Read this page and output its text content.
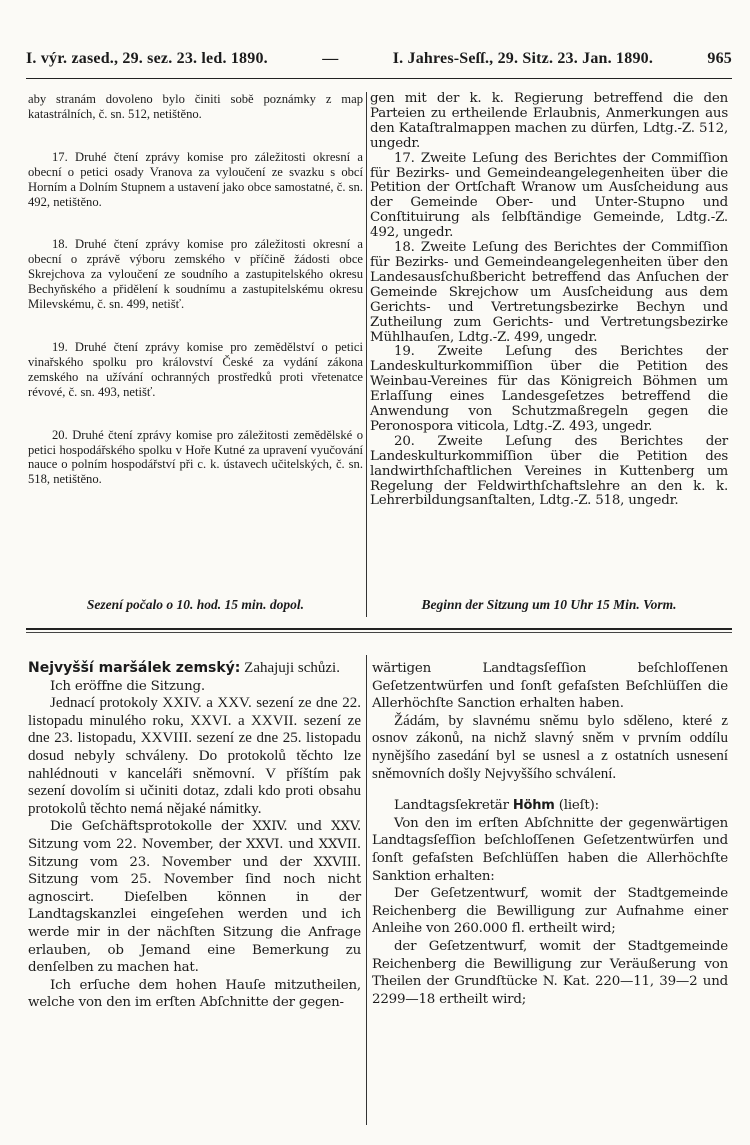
I. výr. zased., 29. sez. 23. led. 1890.	—	I. Jahres-Seſſ., 29. Sitz. 23. Jan. 1890.	965

aby stranám dovoleno bylo činiti sobě poznámky z map katastrálních, č. sn. 512, netištěno.

17. Druhé čtení zprávy komise pro záležitosti okresní a obecní o petici osady Vranova za vyloučení ze svazku s obcí Horním a Dolním Stupnem a ustavení jako obce samostatné, č. sn. 492, netištěno.

18. Druhé čtení zprávy komise pro záležitosti okresní a obecní o zprávě výboru zemského v příčině žádosti obce Skrejchova za vyloučení ze soudního a zastupitelského okresu Bechyňského a přidělení k soudnímu a zastupitelskému okresu Milevskému, č. sn. 499, netišť.

19. Druhé čtení zprávy komise pro zemědělství o petici vinařského spolku pro království České za vydání zákona zemského na užívání ochranných prostředků proti vřetenatce révové, č. sn. 493, netišť.

20. Druhé čtení zprávy komise pro záležitosti zemědělské o petici hospodářského spolku v Hoře Kutné za upravení vyučování nauce o polním hospodářství při c. k. ústavech učitelských, č. sn. 518, netištěno.

gen mit der k. k. Regierung betreffend die den Parteien zu ertheilende Erlaubnis, Anmerkungen aus den Kataſtralmappen machen zu dürfen, Ldtg.-Z. 512, ungedr.

17. Zweite Leſung des Berichtes der Commiſſion für Bezirks- und Gemeindeangelegenheiten über die Petition der Ortſchaft Wranow um Ausſcheidung aus der Gemeinde Ober- und Unter-Stupno und Conſtituirung als ſelbſtändige Gemeinde, Ldtg.-Z. 492, ungedr.

18. Zweite Leſung des Berichtes der Commiſſion für Bezirks- und Gemeindeangelegenheiten über den Landesausſchußbericht betreffend das Anſuchen der Gemeinde Skrejchow um Ausſcheidung aus dem Gerichts- und Vertretungsbezirke Bechyn und Zutheilung zum Gerichts- und Vertretungsbezirke Mühlhauſen, Ldtg.-Z. 499, ungedr.

19. Zweite Leſung des Berichtes der Landeskulturkommiſſion über die Petition des Weinbau-Vereines für das Königreich Böhmen um Erlaſſung eines Landesgeſetzes betreffend die Anwendung von Schutzmaßregeln gegen die Peronospora viticola, Ldtg.-Z. 493, ungedr.

20. Zweite Leſung des Berichtes der Landeskulturkommiſſion über die Petition des landwirthſchaftlichen Vereines in Kuttenberg um Regelung der Feldwirthſchaftslehre an den k. k. Lehrerbildungsanſtalten, Ldtg.-Z. 518, ungedr.

Sezení počalo o 10. hod. 15 min. dopol.	Beginn der Sitzung um 10 Uhr 15 Min. Vorm.

Nejvyšší maršálek zemský: Zahajuji schůzi.

Ich eröffne die Sitzung.

Jednací protokoly XXIV. a XXV. sezení ze dne 22. listopadu minulého roku, XXVI. a XXVII. sezení ze dne 23. listopadu, XXVIII. sezení ze dne 25. listopadu dosud nebyly schváleny. Do protokolů těchto lze nahlédnouti v kanceláři sněmovní. V příštím pak sezení dovolím si učiniti dotaz, zdali kdo proti obsahu protokolů těchto nemá nějaké námitky.

Die Geſchäftsprotokolle der XXIV. und XXV. Sitzung vom 22. November, der XXVI. und XXVII. Sitzung vom 23. November und der XXVIII. Sitzung vom 25. November ſind noch nicht agnoscirt. Dieſelben können in der Landtagskanzlei eingeſehen werden und ich werde mir in der nächſten Sitzung die Anfrage erlauben, ob Jemand eine Bemerkung zu denſelben zu machen hat.

Ich erſuche dem hohen Hauſe mitzutheilen, welche von den im erſten Abſchnitte der gegen-

wärtigen Landtagsſeſſion beſchloſſenen Geſetzentwürfen und ſonſt gefaſsten Beſchlüſſen die Allerhöchſte Sanction erhalten haben.

Žádám, by slavnému sněmu bylo sděleno, které z osnov zákonů, na nichž slavný sněm v prvním oddílu nynějšího zasedání byl se usnesl a z ostatních usnesení sněmovních došly Nejvyššího schválení.

Landtagsſekretär Höhm (lieſt):

Von den im erſten Abſchnitte der gegenwärtigen Landtagsſeſſion beſchloſſenen Geſetzentwürfen und ſonſt gefaſsten Beſchlüſſen haben die Allerhöchſte Sanktion erhalten:

Der Geſetzentwurf, womit der Stadtgemeinde Reichenberg die Bewilligung zur Aufnahme einer Anleihe von 260.000 fl. ertheilt wird;

der Geſetzentwurf, womit der Stadtgemeinde Reichenberg die Bewilligung zur Veräußerung von Theilen der Grundſtücke N. Kat. 220—11, 39—2 und 2299—18 ertheilt wird;
